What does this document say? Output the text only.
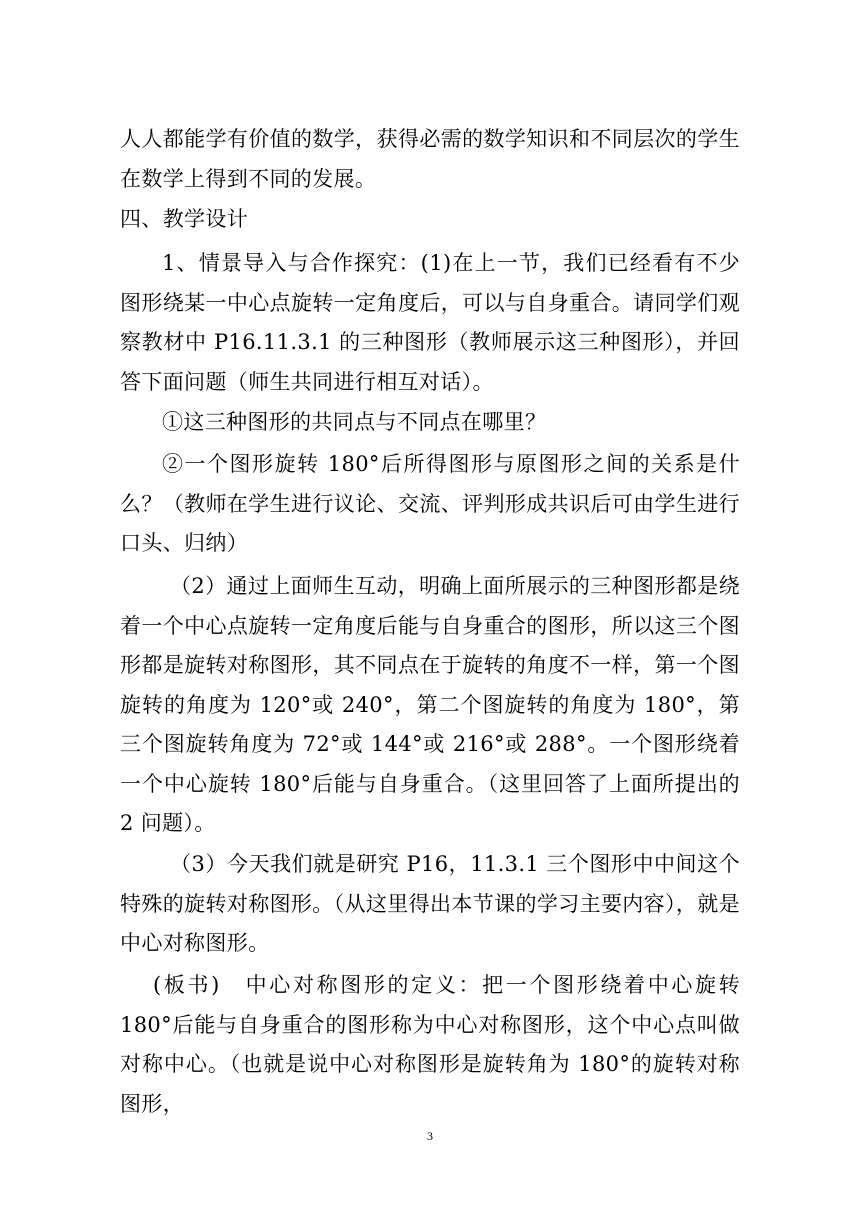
人人都能学有价值的数学，获得必需的数学知识和不同层次的学生在数学上得到不同的发展。

四、教学设计

1、情景导入与合作探究：(1)在上一节，我们已经看有不少图形绕某一中心点旋转一定角度后，可以与自身重合。请同学们观察教材中 P16.11.3.1 的三种图形（教师展示这三种图形），并回答下面问题（师生共同进行相互对话）。

①这三种图形的共同点与不同点在哪里？

②一个图形旋转 180°后所得图形与原图形之间的关系是什么？（教师在学生进行议论、交流、评判形成共识后可由学生进行口头、归纳）

（2）通过上面师生互动，明确上面所展示的三种图形都是绕着一个中心点旋转一定角度后能与自身重合的图形，所以这三个图形都是旋转对称图形，其不同点在于旋转的角度不一样，第一个图旋转的角度为 120°或 240°，第二个图旋转的角度为 180°，第三个图旋转角度为 72°或 144°或 216°或 288°。一个图形绕着一个中心旋转 180°后能与自身重合。（这里回答了上面所提出的 2 问题）。

（3）今天我们就是研究 P16，11.3.1 三个图形中中间这个特殊的旋转对称图形。（从这里得出本节课的学习主要内容），就是中心对称图形。

(板书)　中心对称图形的定义：把一个图形绕着中心旋转 180°后能与自身重合的图形称为中心对称图形，这个中心点叫做对称中心。（也就是说中心对称图形是旋转角为 180°的旋转对称图形，

3
